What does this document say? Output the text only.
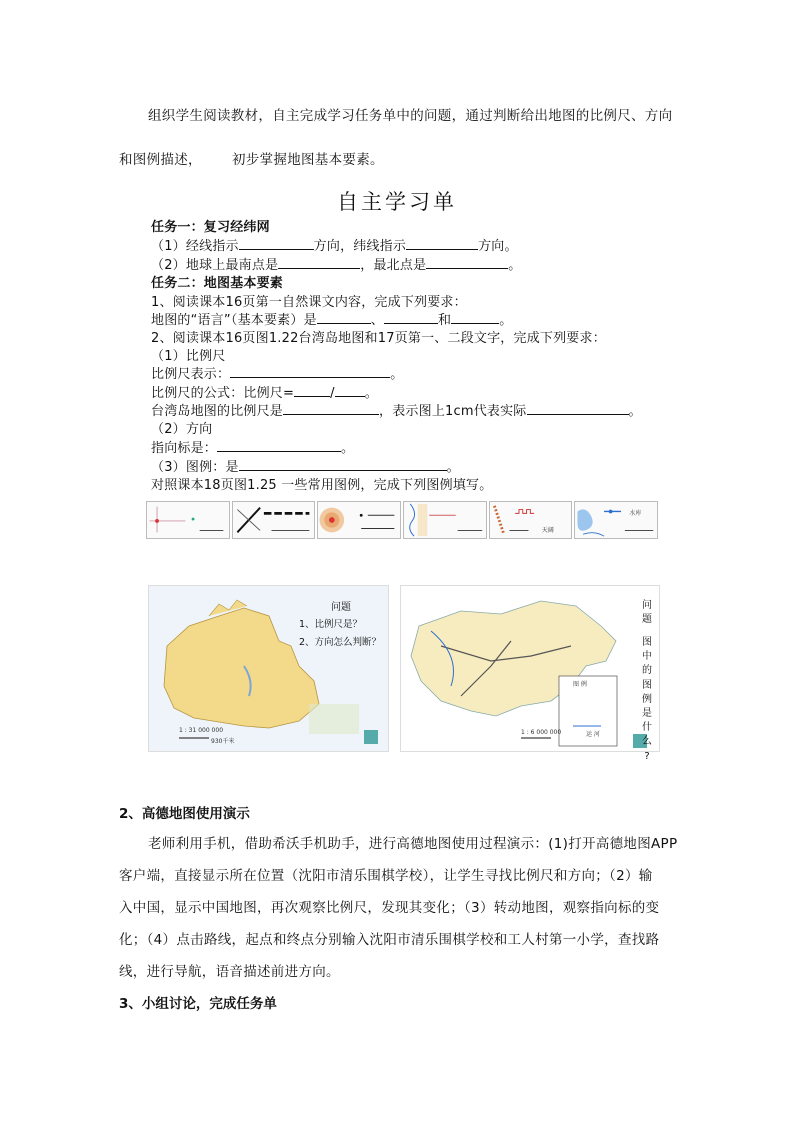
组织学生阅读教材，自主完成学习任务单中的问题，通过判断给出地图的比例尺、方向
和图例描述， 初步掌握地图基本要素。
自主学习单
任务一：复习经纬网
（1）经线指示	方向，纬线指示	方向。
（2）地球上最南点是	，最北点是	。
任务二：地图基本要素
1、阅读课本16页第一自然课文内容，完成下列要求：
地图的“语言”（基本要素）是	、	和	。
2、阅读课本16页图1.22台湾岛地图和17页第一、二段文字，完成下列要求：
（1）比例尺
比例尺表示：	。
比例尺的公式：比例尺=	/ 。
台湾岛地图的比例尺是	，表示图上1cm代表实际	。
（2）方向
指向标是：	。
（3）图例：是	。
对照课本18页图1.25 一些常用图例，完成下列图例填写。
天阔
水库
问题
1、比例尺是？
2、方向怎么判断？
1 : 31 000 000
930千米
图 例
运 河
1 : 6 000 000
问
题
图
中
的
图
例
是
什
么
?
2、高德地图使用演示
老师利用手机，借助希沃手机助手，进行高德地图使用过程演示：(1)打开高德地图APP
客户端，直接显示所在位置（沈阳市清乐围棋学校），让学生寻找比例尺和方向；（2）输
入中国，显示中国地图，再次观察比例尺，发现其变化；（3）转动地图，观察指向标的变
化；（4）点击路线，起点和终点分别输入沈阳市清乐围棋学校和工人村第一小学，查找路
线，进行导航，语音描述前进方向。
3、小组讨论，完成任务单
